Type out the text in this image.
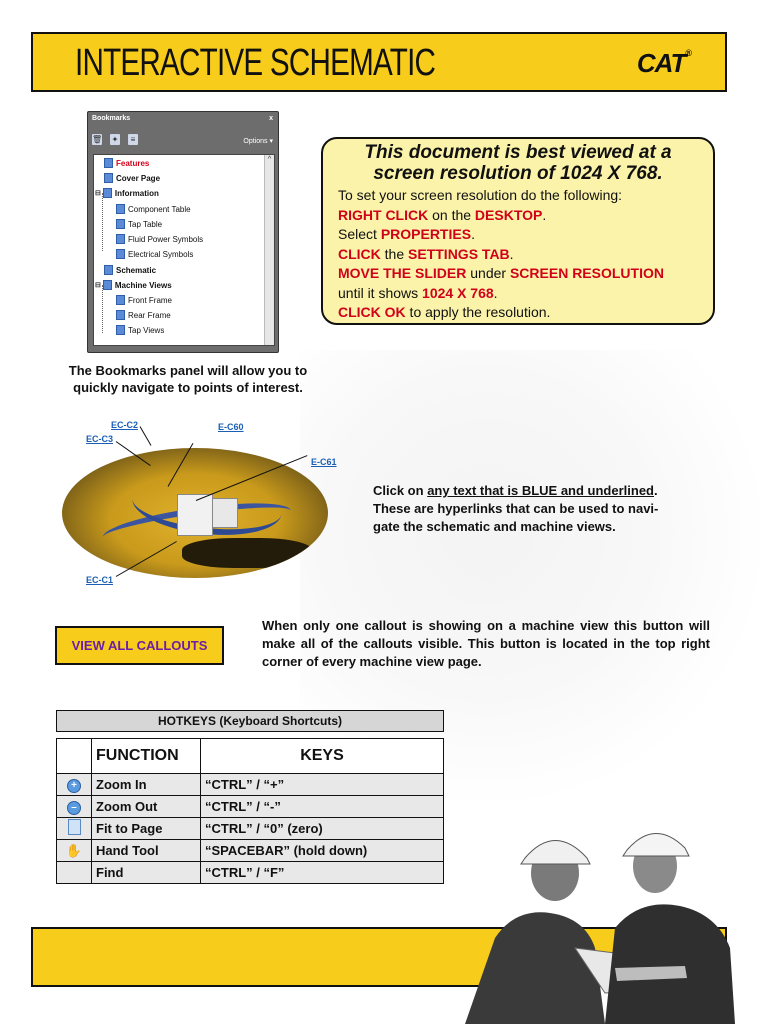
INTERACTIVE SCHEMATIC	CAT®
Bookmarks	x
🗑 ✦	≡	Options ▾
^
Features
Cover Page
⊟ Information
Component Table
Tap Table
Fluid Power Symbols
Electrical Symbols
Schematic
⊟ Machine Views
Front Frame
Rear Frame
Tap Views
The Bookmarks panel will allow you to
quickly navigate to points of interest.
This document is best viewed at a
screen resolution of 1024 X 768.
To set your screen resolution do the following:
RIGHT CLICK on the DESKTOP.
Select PROPERTIES.
CLICK the SETTINGS TAB.
MOVE THE SLIDER under SCREEN RESOLUTION
until it shows 1024 X 768.
CLICK OK to apply the resolution.
EC-C2
EC-C3
E-C60
E-C61
EC-C1
Click on any text that is BLUE and underlined.
These are hyperlinks that can be used to navi-
gate the schematic and machine views.
VIEW ALL CALLOUTS
When only one callout is showing on a machine view this button will make all of the callouts visible. This button is located in the top right corner of every machine view page.
HOTKEYS (Keyboard Shortcuts)
	FUNCTION	KEYS
+	Zoom In	“CTRL” / “+”
–	Zoom Out	“CTRL” / “-”
	Fit to Page	“CTRL” / “0” (zero)
✋	Hand Tool	“SPACEBAR” (hold down)
	Find	“CTRL” / “F”
